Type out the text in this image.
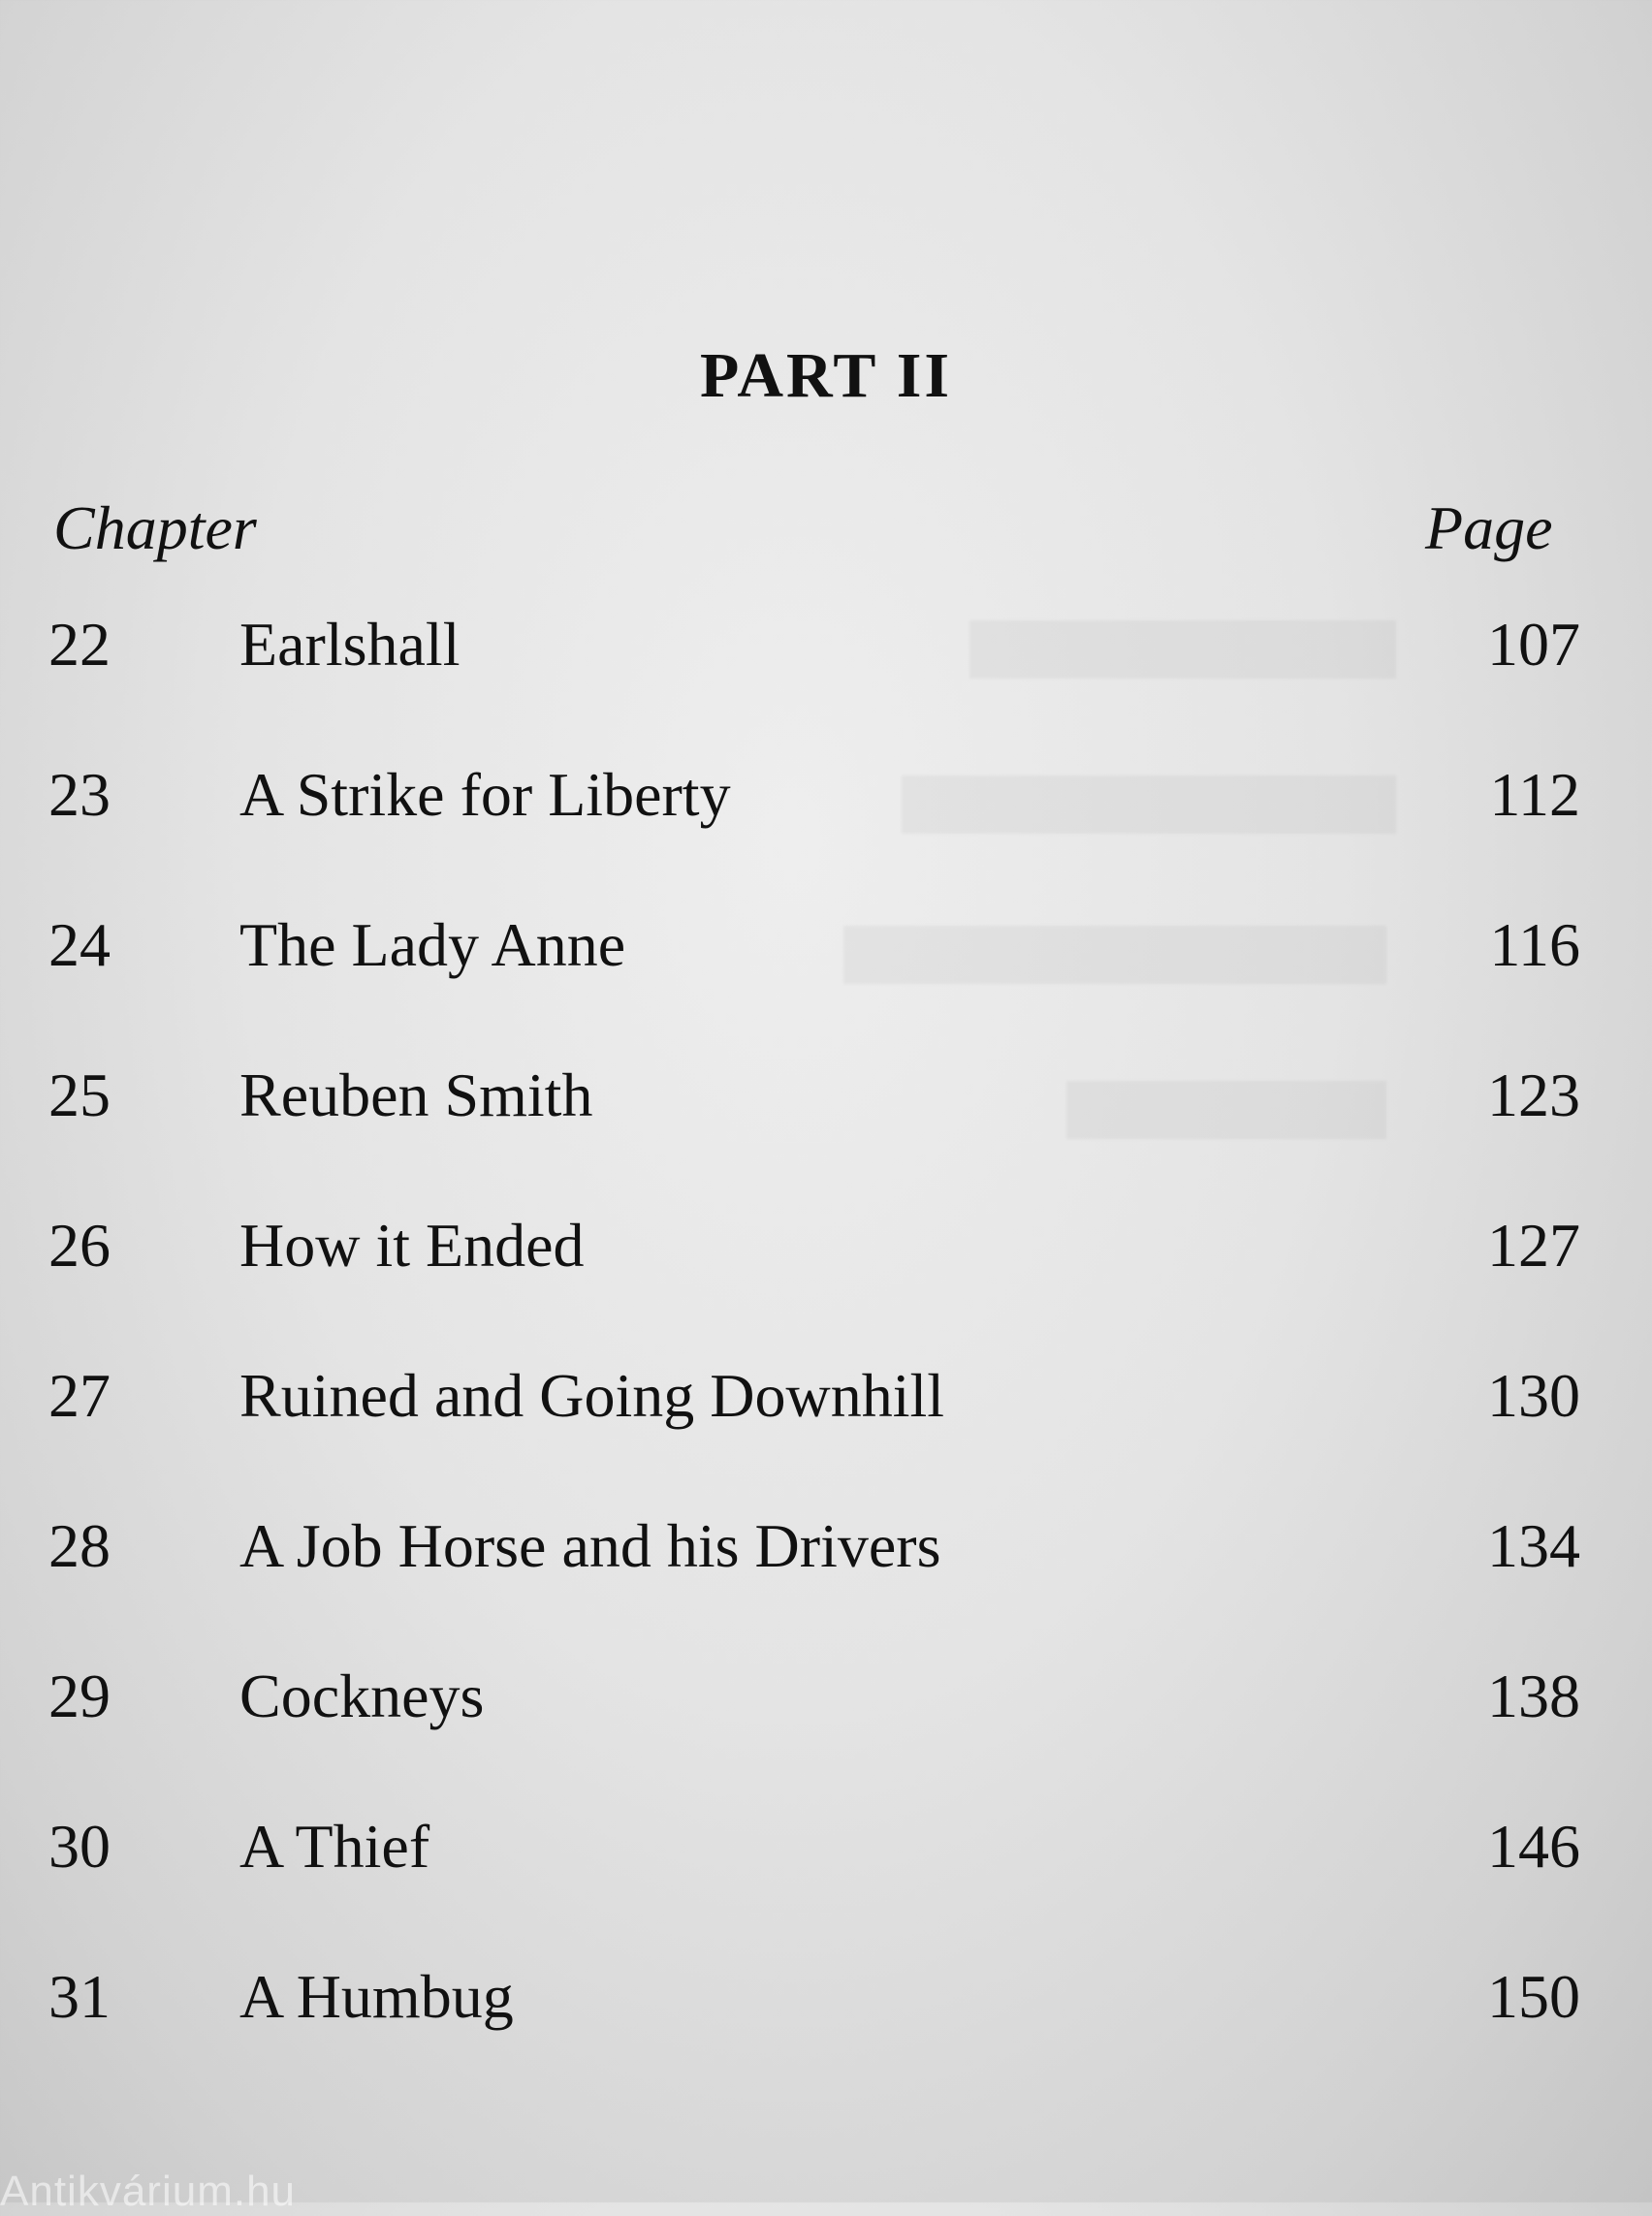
PART II
Chapter	Page
22	Earlshall	107
23	A Strike for Liberty	112
24	The Lady Anne	116
25	Reuben Smith	123
26	How it Ended	127
27	Ruined and Going Downhill	130
28	A Job Horse and his Drivers	134
29	Cockneys	138
30	A Thief	146
31	A Humbug	150
Antikvárium.hu
